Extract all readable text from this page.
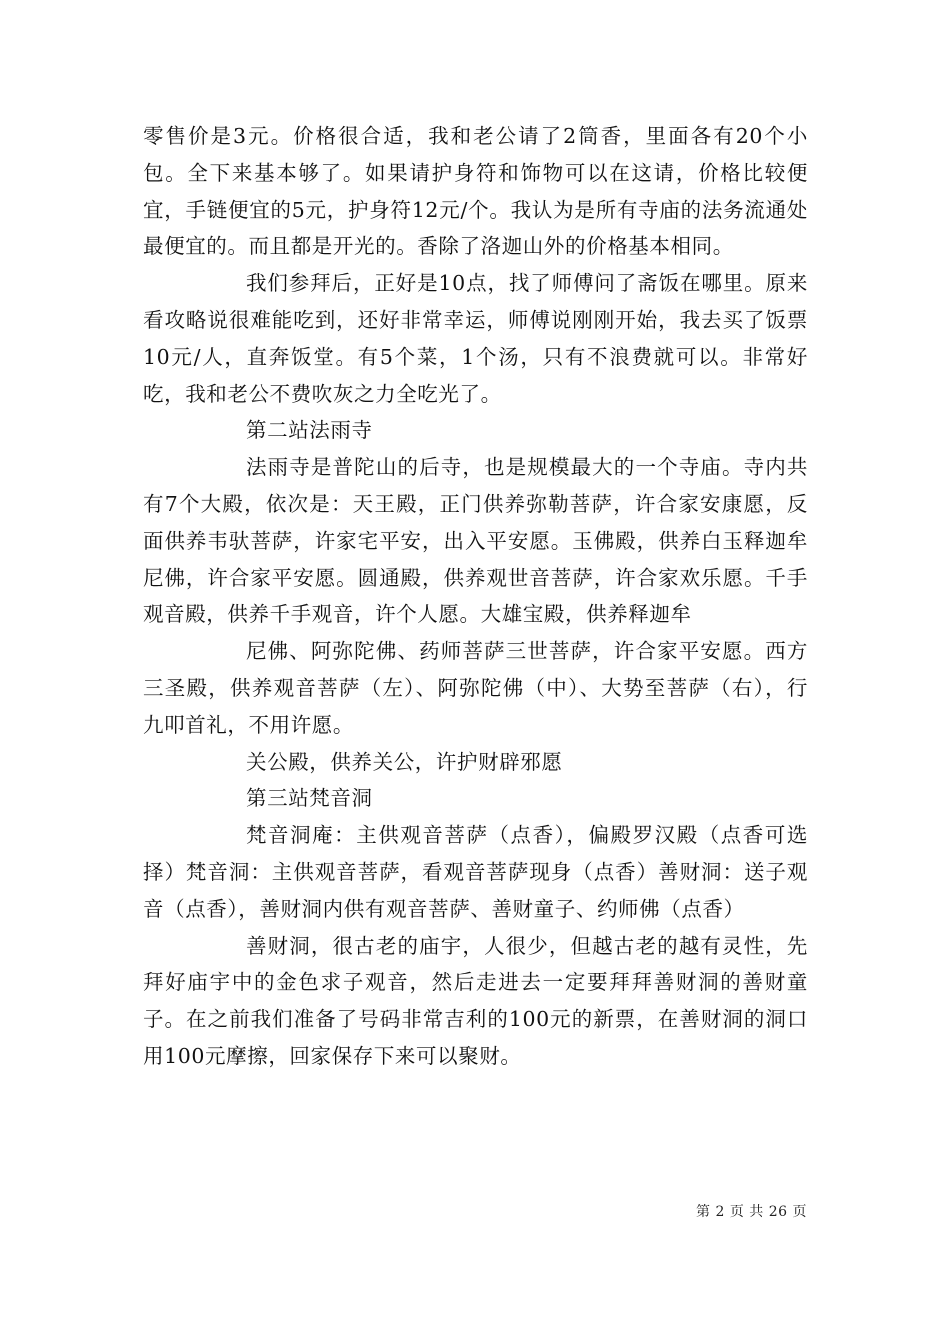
零售价是3元。价格很合适，我和老公请了2筒香，里面各有20个小包。全下来基本够了。如果请护身符和饰物可以在这请，价格比较便宜，手链便宜的5元，护身符12元/个。我认为是所有寺庙的法务流通处最便宜的。而且都是开光的。香除了洛迦山外的价格基本相同。

我们参拜后，正好是10点，找了师傅问了斋饭在哪里。原来看攻略说很难能吃到，还好非常幸运，师傅说刚刚开始，我去买了饭票10元/人，直奔饭堂。有5个菜，1个汤，只有不浪费就可以。非常好吃，我和老公不费吹灰之力全吃光了。

第二站法雨寺

法雨寺是普陀山的后寺，也是规模最大的一个寺庙。寺内共有7个大殿，依次是：天王殿，正门供养弥勒菩萨，许合家安康愿，反面供养韦驮菩萨，许家宅平安，出入平安愿。玉佛殿，供养白玉释迦牟尼佛，许合家平安愿。圆通殿，供养观世音菩萨，许合家欢乐愿。千手观音殿，供养千手观音，许个人愿。大雄宝殿，供养释迦牟

尼佛、阿弥陀佛、药师菩萨三世菩萨，许合家平安愿。西方三圣殿，供养观音菩萨（左）、阿弥陀佛（中）、大势至菩萨（右），行九叩首礼，不用许愿。

关公殿，供养关公，许护财辟邪愿

第三站梵音洞

梵音洞庵：主供观音菩萨（点香），偏殿罗汉殿（点香可选择）梵音洞：主供观音菩萨，看观音菩萨现身（点香）善财洞：送子观音（点香），善财洞内供有观音菩萨、善财童子、约师佛（点香）

善财洞，很古老的庙宇，人很少，但越古老的越有灵性，先拜好庙宇中的金色求子观音，然后走进去一定要拜拜善财洞的善财童子。在之前我们准备了号码非常吉利的100元的新票，在善财洞的洞口用100元摩擦，回家保存下来可以聚财。

第 2 页 共 26 页
